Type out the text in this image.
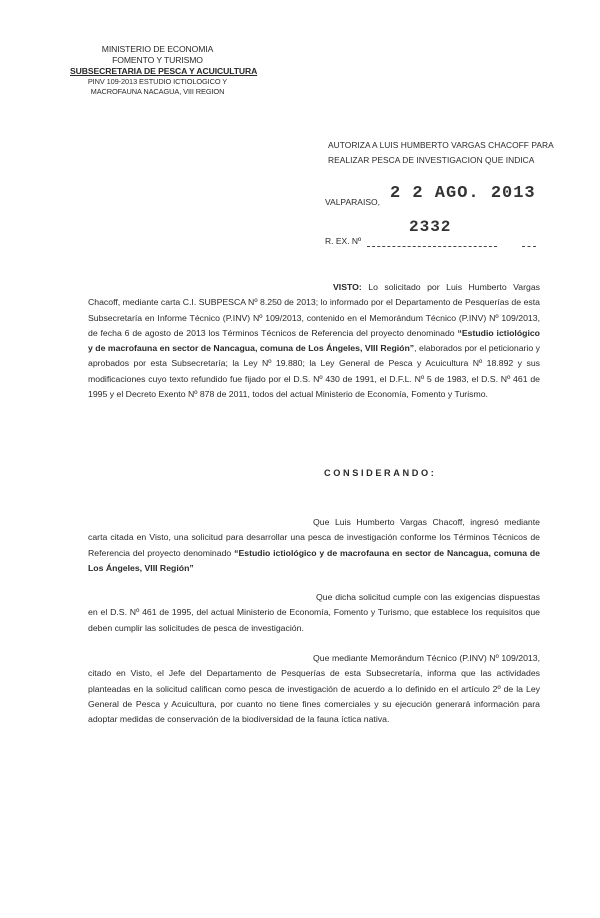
MINISTERIO DE ECONOMIA
FOMENTO Y TURISMO
SUBSECRETARIA DE PESCA Y ACUICULTURA
PINV 109-2013 ESTUDIO ICTIOLOGICO Y
MACROFAUNA NACAGUA, VIII REGION
AUTORIZA A LUIS HUMBERTO VARGAS CHACOFF PARA REALIZAR PESCA DE INVESTIGACION QUE INDICA
VALPARAISO, 2 2 AGO. 2013
R. EX. Nº
2332
VISTO: Lo solicitado por Luis Humberto Vargas Chacoff, mediante carta C.I. SUBPESCA Nº 8.250 de 2013; lo informado por el Departamento de Pesquerías de esta Subsecretaría en Informe Técnico (P.INV) Nº 109/2013, contenido en el Memorándum Técnico (P.INV) Nº 109/2013, de fecha 6 de agosto de 2013 los Términos Técnicos de Referencia del proyecto denominado “Estudio ictiológico y de macrofauna en sector de Nancagua, comuna de Los Ángeles, VIII Región”, elaborados por el peticionario y aprobados por esta Subsecretaría; la Ley Nº 19.880; la Ley General de Pesca y Acuicultura Nº 18.892 y sus modificaciones cuyo texto refundido fue fijado por el D.S. Nº 430 de 1991, el D.F.L. Nº 5 de 1983, el D.S. Nº 461 de 1995 y el Decreto Exento Nº 878 de 2011, todos del actual Ministerio de Economía, Fomento y Turismo.
CONSIDERANDO:
Que Luis Humberto Vargas Chacoff, ingresó mediante carta citada en Visto, una solicitud para desarrollar una pesca de investigación conforme los Términos Técnicos de Referencia del proyecto denominado “Estudio ictiológico y de macrofauna en sector de Nancagua, comuna de Los Ángeles, VIII Región”
Que dicha solicitud cumple con las exigencias dispuestas en el D.S. Nº 461 de 1995, del actual Ministerio de Economía, Fomento y Turismo, que establece los requisitos que deben cumplir las solicitudes de pesca de investigación.
Que mediante Memorándum Técnico (P.INV) Nº 109/2013, citado en Visto, el Jefe del Departamento de Pesquerías de esta Subsecretaría, informa que las actividades planteadas en la solicitud califican como pesca de investigación de acuerdo a lo definido en el artículo 2º de la Ley General de Pesca y Acuicultura, por cuanto no tiene fines comerciales y su ejecución generará información para adoptar medidas de conservación de la biodiversidad de la fauna íctica nativa.
